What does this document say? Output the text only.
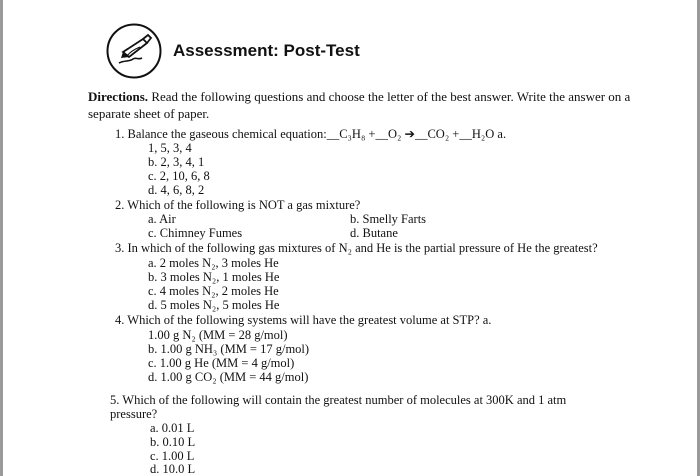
Assessment: Post-Test
Directions. Read the following questions and choose the letter of the best answer. Write the answer on a separate sheet of paper.
1. Balance the gaseous chemical equation:__C₃H₈ +__O₂ ➔__CO₂ +__H₂O a.
1, 5, 3, 4
b. 2, 3, 4, 1
c. 2, 10, 6, 8
d. 4, 6, 8, 2
2. Which of the following is NOT a gas mixture?
a. Air	b. Smelly Farts
c. Chimney Fumes	d. Butane
3. In which of the following gas mixtures of N₂ and He is the partial pressure of He the greatest?
a. 2 moles N₂, 3 moles He
b. 3 moles N₂, 1 moles He
c. 4 moles N₂, 2 moles He
d. 5 moles N₂, 5 moles He
4. Which of the following systems will have the greatest volume at STP? a.
1.00 g N₂ (MM = 28 g/mol)
b. 1.00 g NH₃ (MM = 17 g/mol)
c. 1.00 g He (MM = 4 g/mol)
d. 1.00 g CO₂ (MM = 44 g/mol)
5. Which of the following will contain the greatest number of molecules at 300K and 1 atm pressure?
a. 0.01 L
b. 0.10 L
c. 1.00 L
d. 10.0 L
